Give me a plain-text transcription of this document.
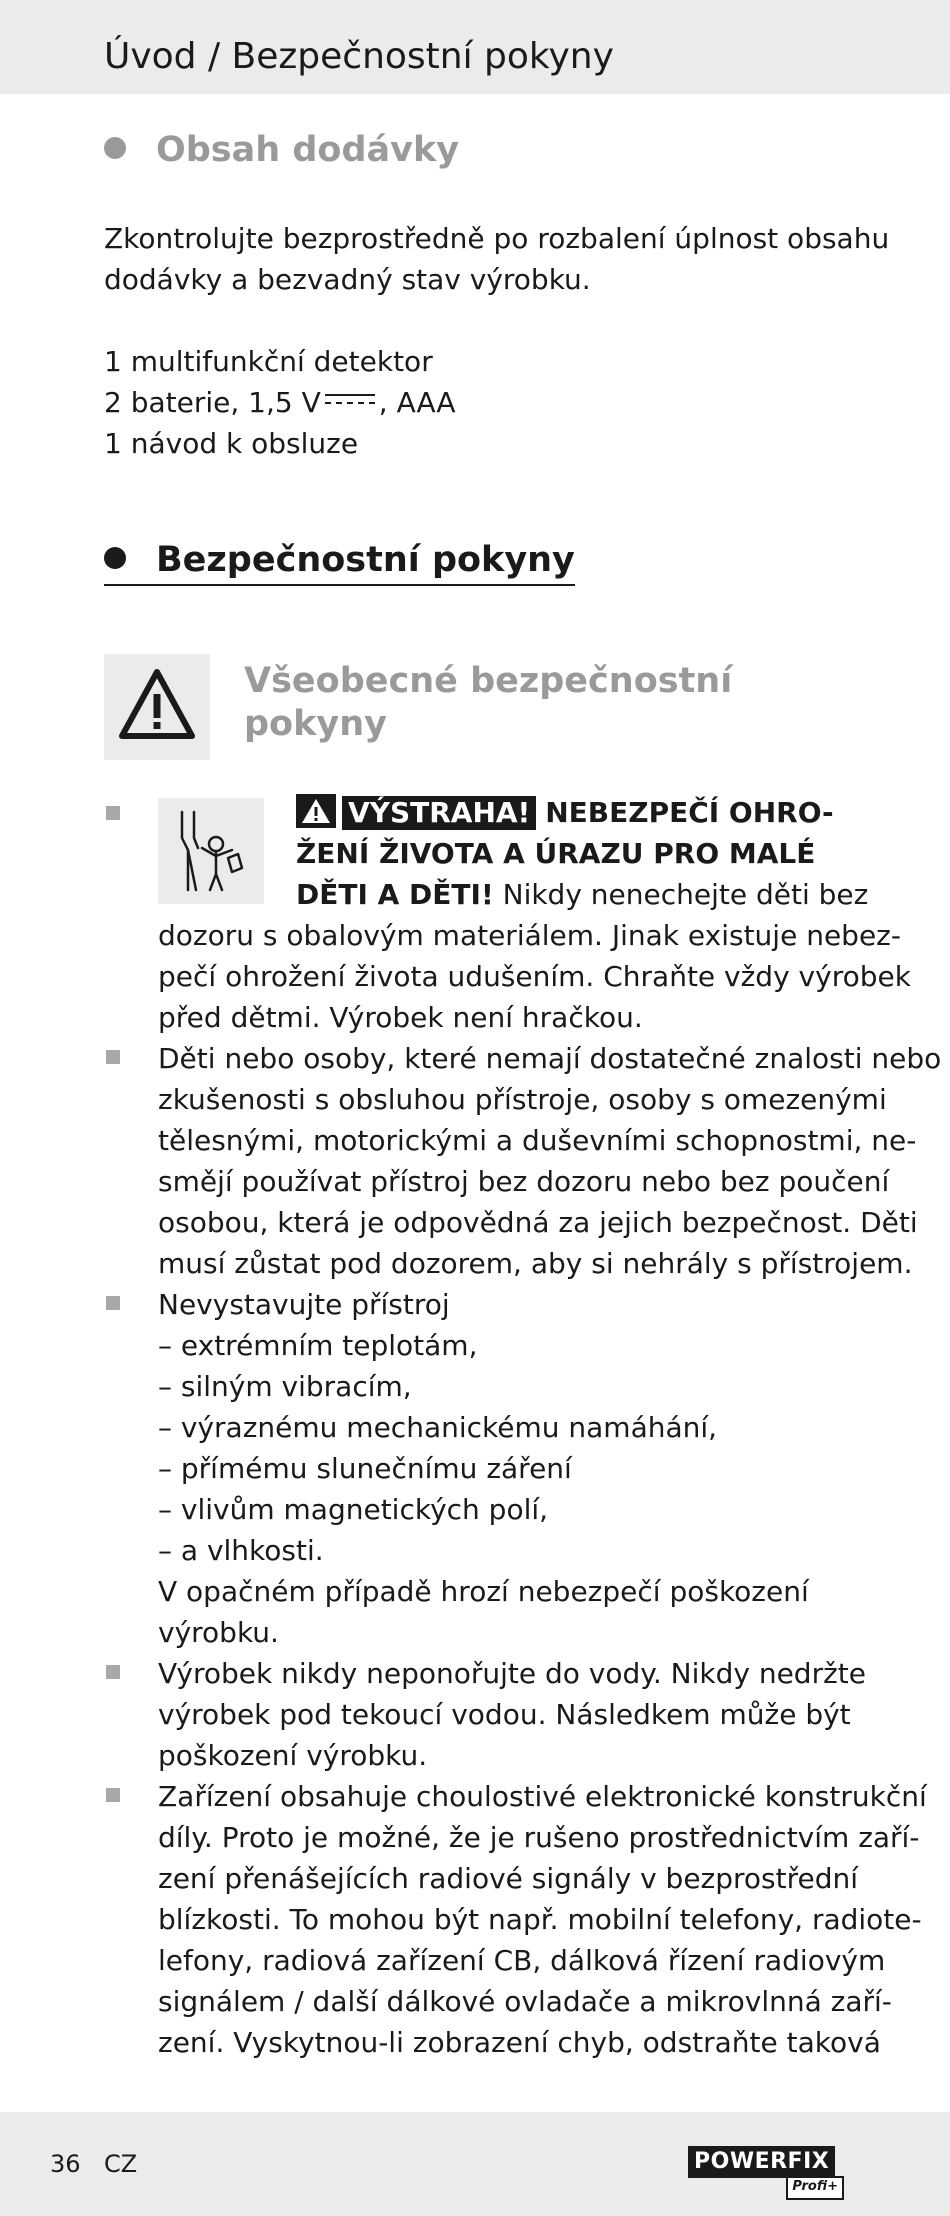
Úvod / Bezpečnostní pokyny
Obsah dodávky
Zkontrolujte bezprostředně po rozbalení úplnost obsahu
dodávky a bezvadný stav výrobku.
1 multifunkční detektor
2 baterie, 1,5 V , AAA
1 návod k obsluze
Bezpečnostní pokyny
Všeobecné bezpečnostní
pokyny
VÝSTRAHA! NEBEZPEČÍ OHRO-
ŽENÍ ŽIVOTA A ÚRAZU PRO MALÉ
DĚTI A DĚTI! Nikdy nenechejte děti bez
dozoru s obalovým materiálem. Jinak existuje nebez-
pečí ohrožení života udušením. Chraňte vždy výrobek
před dětmi. Výrobek není hračkou.
Děti nebo osoby, které nemají dostatečné znalosti nebo
zkušenosti s obsluhou přístroje, osoby s omezenými
tělesnými, motorickými a duševními schopnostmi, ne-
smějí používat přístroj bez dozoru nebo bez poučení
osobou, která je odpovědná za jejich bezpečnost. Děti
musí zůstat pod dozorem, aby si nehrály s přístrojem.
Nevystavujte přístroj
– extrémním teplotám,
– silným vibracím,
– výraznému mechanickému namáhání,
– přímému slunečnímu záření
– vlivům magnetických polí,
– a vlhkosti.
V opačném případě hrozí nebezpečí poškození
výrobku.
Výrobek nikdy neponořujte do vody. Nikdy nedržte
výrobek pod tekoucí vodou. Následkem může být
poškození výrobku.
Zařízení obsahuje choulostivé elektronické konstrukční
díly. Proto je možné, že je rušeno prostřednictvím zaří-
zení přenášejících radiové signály v bezprostřední
blízkosti. To mohou být např. mobilní telefony, radiote-
lefony, radiová zařízení CB, dálková řízení radiovým
signálem / další dálkové ovladače a mikrovlnná zaří-
zení. Vyskytnou-li zobrazení chyb, odstraňte taková
36 CZ	POWERFIX
Profi+
